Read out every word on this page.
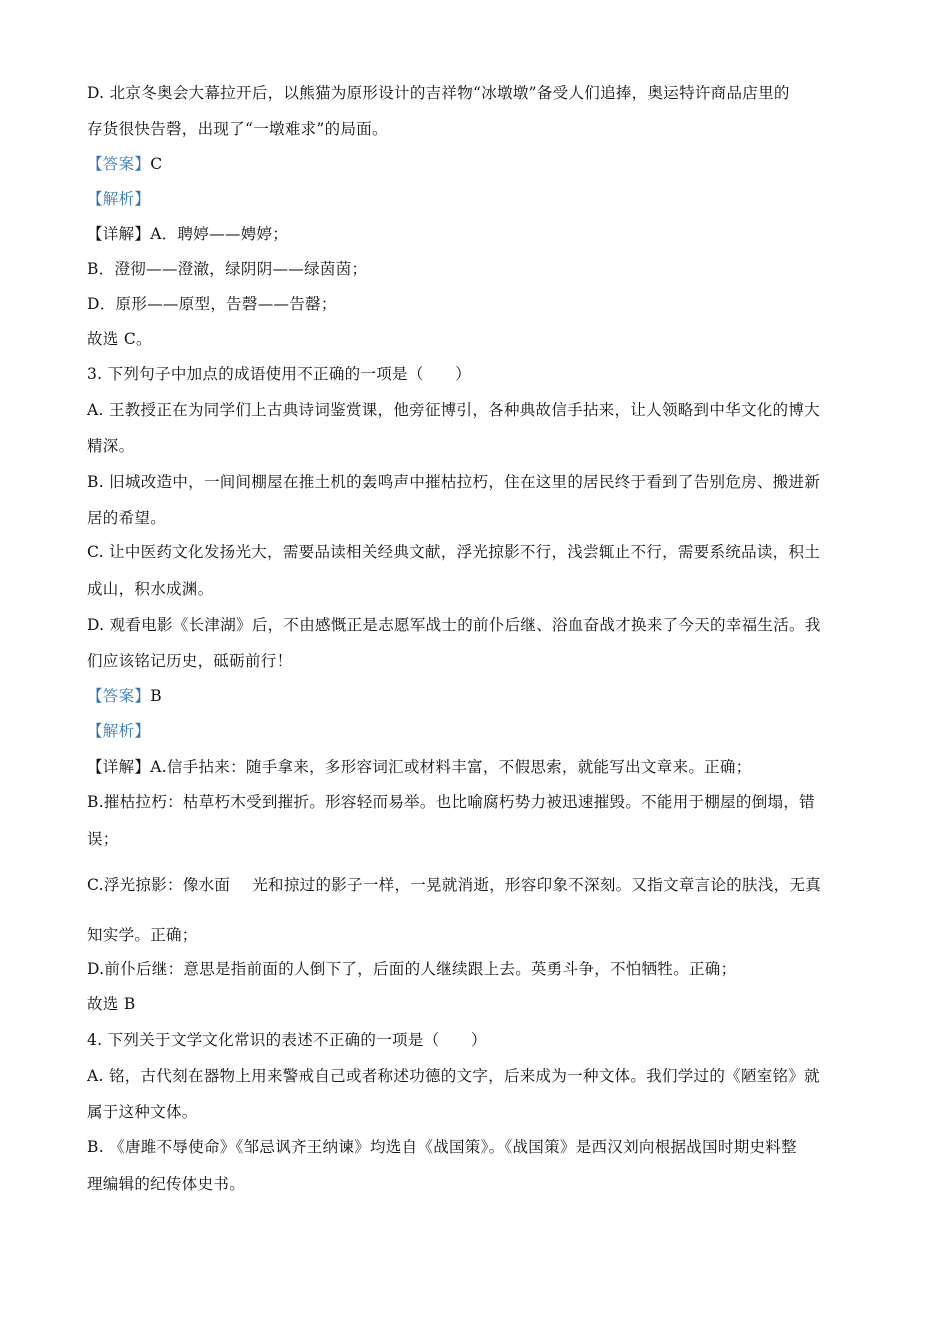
D. 北京冬奥会大幕拉开后，以熊猫为原形设计的吉祥物“冰墩墩”备受人们追捧，奥运特许商品店里的
存货很快告磬，出现了“一墩难求”的局面。
【答案】C
【解析】
【详解】A．聘婷——娉婷；
B．澄彻——澄澈，绿阴阴——绿茵茵；
D．原形——原型，告磬——告罄；
故选 C。
3. 下列句子中加点的成语使用不正确的一项是（　　）
A. 王教授正在为同学们上古典诗词鉴赏课，他旁征博引，各种典故信手拈来，让人领略到中华文化的博大
精深。
B. 旧城改造中，一间间棚屋在推土机的轰鸣声中摧枯拉朽，住在这里的居民终于看到了告别危房、搬进新
居的希望。
C. 让中医药文化发扬光大，需要品读相关经典文献，浮光掠影不行，浅尝辄止不行，需要系统品读，积土
成山，积水成渊。
D. 观看电影《长津湖》后，不由感慨正是志愿军战士的前仆后继、浴血奋战才换来了今天的幸福生活。我
们应该铭记历史，砥砺前行！
【答案】B
【解析】
【详解】A.信手拈来：随手拿来，多形容词汇或材料丰富，不假思索，就能写出文章来。正确；
B.摧枯拉朽：枯草朽木受到摧折。形容轻而易举。也比喻腐朽势力被迅速摧毁。不能用于棚屋的倒塌，错
误；
C.浮光掠影：像水面 光和掠过的影子一样，一晃就消逝，形容印象不深刻。又指文章言论的肤浅，无真
知实学。正确；
D.前仆后继：意思是指前面的人倒下了，后面的人继续跟上去。英勇斗争，不怕牺牲。正确；
故选 B
4. 下列关于文学文化常识的表述不正确的一项是（　　）
A. 铭，古代刻在器物上用来警戒自己或者称述功德的文字，后来成为一种文体。我们学过的《陋室铭》就
属于这种文体。
B. 《唐雎不辱使命》《邹忌讽齐王纳谏》均选自《战国策》。《战国策》是西汉刘向根据战国时期史料整
理编辑的纪传体史书。
